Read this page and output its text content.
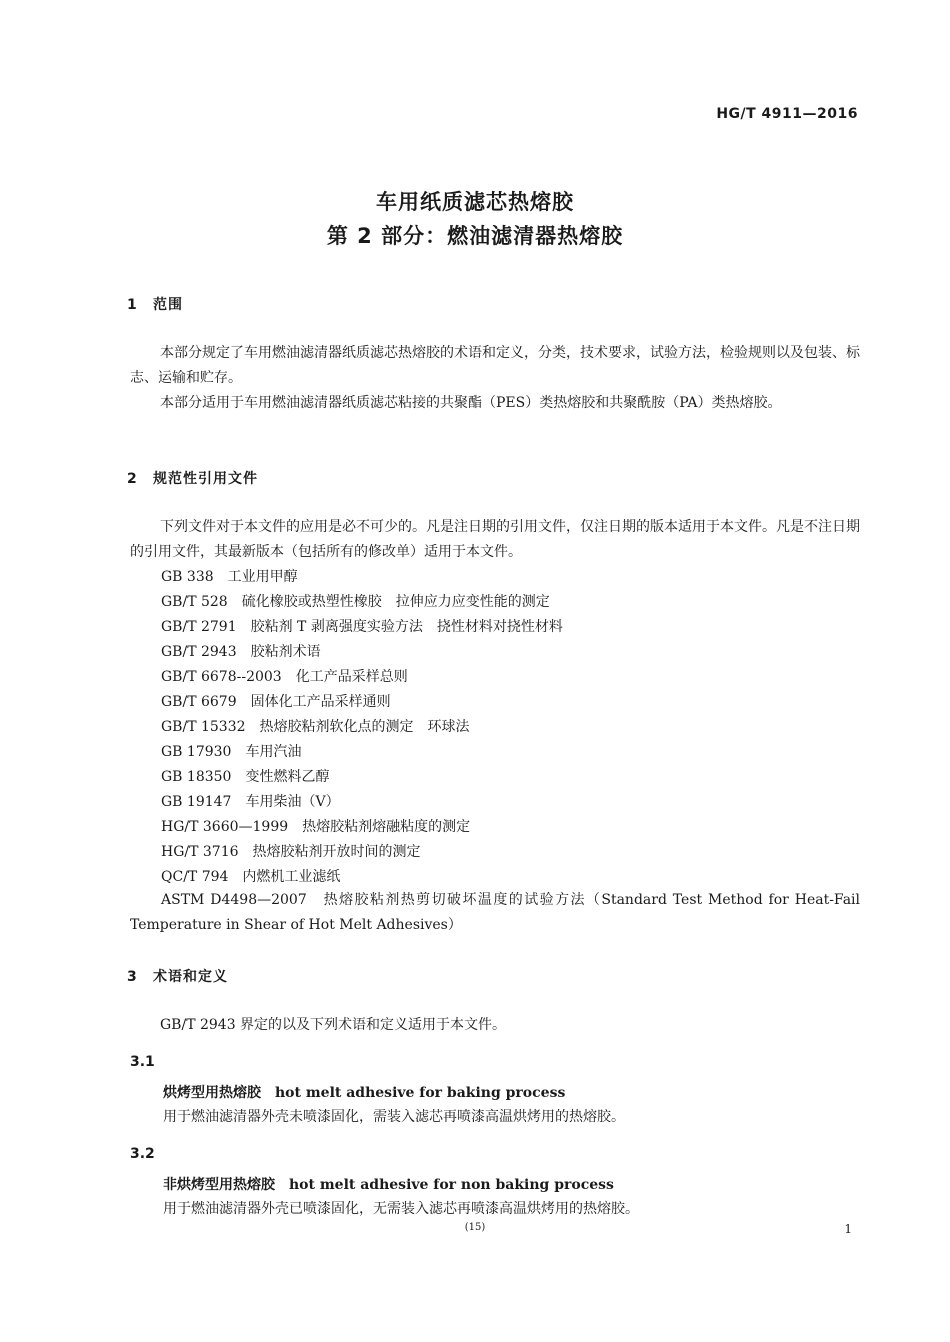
HG/T 4911—2016
车用纸质滤芯热熔胶
第 2 部分：燃油滤清器热熔胶
1 范围
本部分规定了车用燃油滤清器纸质滤芯热熔胶的术语和定义，分类，技术要求，试验方法，检验规则以及包装、标志、运输和贮存。
本部分适用于车用燃油滤清器纸质滤芯粘接的共聚酯（PES）类热熔胶和共聚酰胺（PA）类热熔胶。
2 规范性引用文件
下列文件对于本文件的应用是必不可少的。凡是注日期的引用文件，仅注日期的版本适用于本文件。凡是不注日期的引用文件，其最新版本（包括所有的修改单）适用于本文件。
GB 338 工业用甲醇
GB/T 528 硫化橡胶或热塑性橡胶　拉伸应力应变性能的测定
GB/T 2791 胶粘剂 T 剥离强度实验方法　挠性材料对挠性材料
GB/T 2943 胶粘剂术语
GB/T 6678--2003 化工产品采样总则
GB/T 6679 固体化工产品采样通则
GB/T 15332 热熔胶粘剂软化点的测定　环球法
GB 17930 车用汽油
GB 18350 变性燃料乙醇
GB 19147 车用柴油（Ⅴ）
HG/T 3660—1999 热熔胶粘剂熔融粘度的测定
HG/T 3716 热熔胶粘剂开放时间的测定
QC/T 794 内燃机工业滤纸
ASTM D4498—2007　热熔胶粘剂热剪切破坏温度的试验方法（Standard Test Method for Heat-Fail Temperature in Shear of Hot Melt Adhesives）
3 术语和定义
GB/T 2943 界定的以及下列术语和定义适用于本文件。
3.1
烘烤型用热熔胶 hot melt adhesive for baking process
用于燃油滤清器外壳未喷漆固化，需装入滤芯再喷漆高温烘烤用的热熔胶。
3.2
非烘烤型用热熔胶 hot melt adhesive for non baking process
用于燃油滤清器外壳已喷漆固化，无需装入滤芯再喷漆高温烘烤用的热熔胶。
(15)	1
